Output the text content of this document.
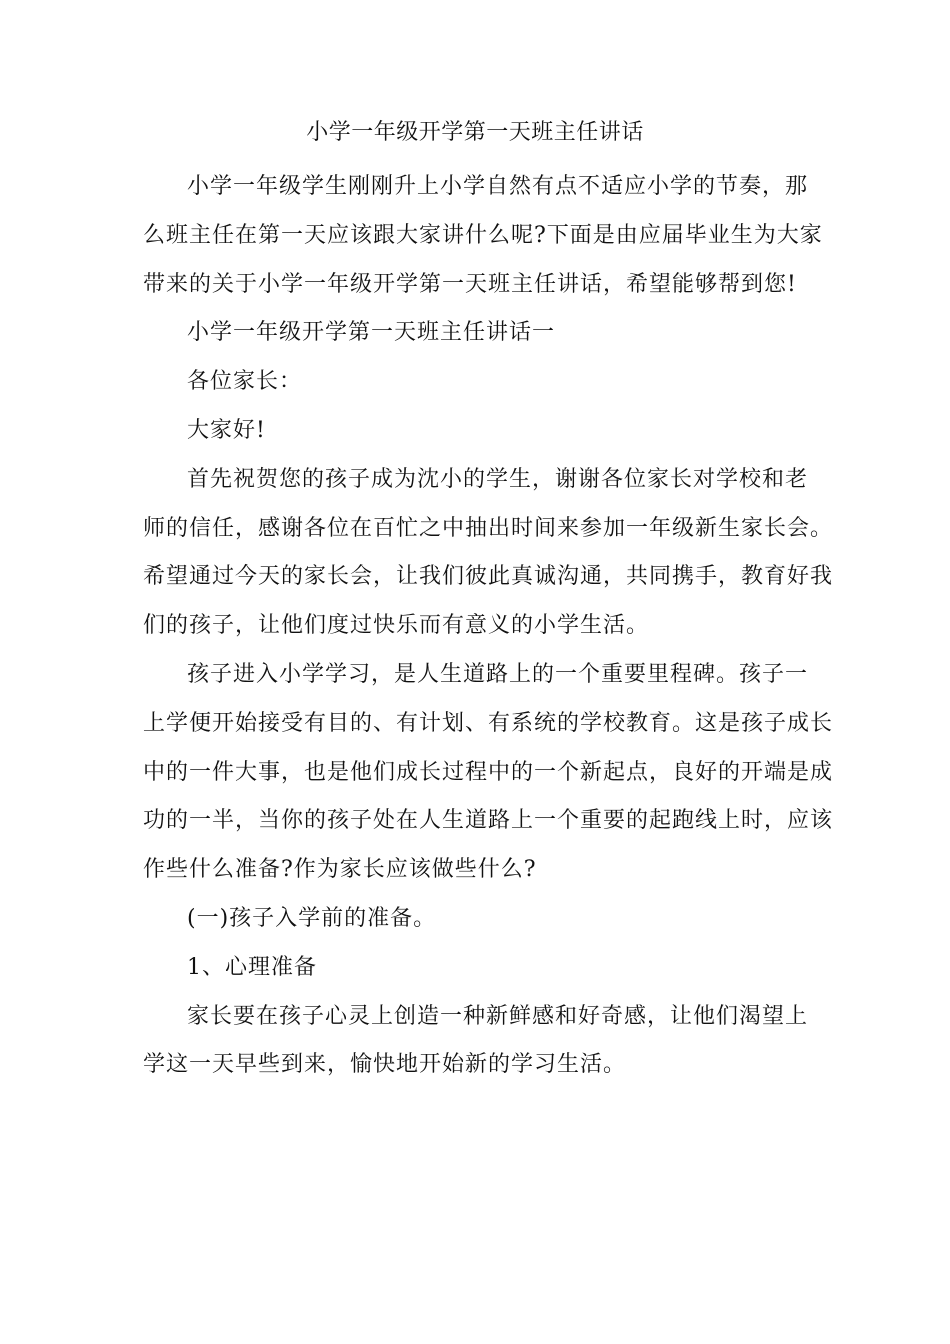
小学一年级开学第一天班主任讲话

小学一年级学生刚刚升上小学自然有点不适应小学的节奏，那
么班主任在第一天应该跟大家讲什么呢?下面是由应届毕业生为大家
带来的关于小学一年级开学第一天班主任讲话，希望能够帮到您!

小学一年级开学第一天班主任讲话一

各位家长：

大家好!

首先祝贺您的孩子成为沈小的学生，谢谢各位家长对学校和老
师的信任，感谢各位在百忙之中抽出时间来参加一年级新生家长会。
希望通过今天的家长会，让我们彼此真诚沟通，共同携手，教育好我
们的孩子，让他们度过快乐而有意义的小学生活。

孩子进入小学学习，是人生道路上的一个重要里程碑。孩子一
上学便开始接受有目的、有计划、有系统的学校教育。这是孩子成长
中的一件大事，也是他们成长过程中的一个新起点，良好的开端是成
功的一半，当你的孩子处在人生道路上一个重要的起跑线上时，应该
作些什么准备?作为家长应该做些什么?

(一)孩子入学前的准备。

1、心理准备

家长要在孩子心灵上创造一种新鲜感和好奇感，让他们渴望上
学这一天早些到来，愉快地开始新的学习生活。
